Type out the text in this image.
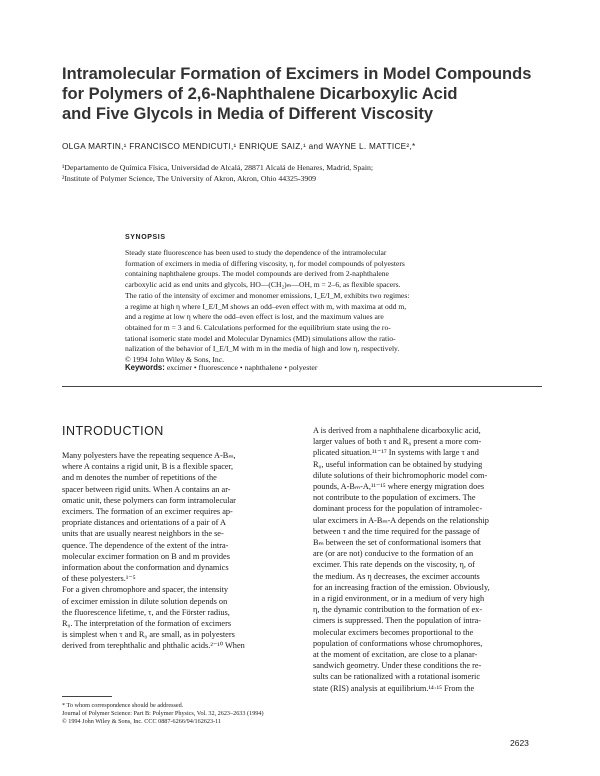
Intramolecular Formation of Excimers in Model Compounds
for Polymers of 2,6-Naphthalene Dicarboxylic Acid
and Five Glycols in Media of Different Viscosity
OLGA MARTIN,¹ FRANCISCO MENDICUTI,¹ ENRIQUE SAIZ,¹ and WAYNE L. MATTICE²,*
¹Departamento de Química Física, Universidad de Alcalá, 28871 Alcalá de Henares, Madrid, Spain;
²Institute of Polymer Science, The University of Akron, Akron, Ohio 44325-3909
SYNOPSIS
Steady state fluorescence has been used to study the dependence of the intramolecular
formation of excimers in media of differing viscosity, η, for model compounds of polyesters
containing naphthalene groups. The model compounds are derived from 2-naphthalene
carboxylic acid as end units and glycols, HO—(CH₂)ₘ—OH, m = 2–6, as flexible spacers.
The ratio of the intensity of excimer and monomer emissions, I_E/I_M, exhibits two regimes:
a regime at high η where I_E/I_M shows an odd–even effect with m, with maxima at odd m,
and a regime at low η where the odd–even effect is lost, and the maximum values are
obtained for m = 3 and 6. Calculations performed for the equilibrium state using the ro-
tational isomeric state model and Molecular Dynamics (MD) simulations allow the ratio-
nalization of the behavior of I_E/I_M with m in the media of high and low η, respectively.
© 1994 John Wiley & Sons, Inc.
Keywords: excimer • fluorescence • naphthalene • polyester
INTRODUCTION
Many polyesters have the repeating sequence A-Bₘ,
where A contains a rigid unit, B is a flexible spacer,
and m denotes the number of repetitions of the
spacer between rigid units. When A contains an ar-
omatic unit, these polymers can form intramolecular
excimers. The formation of an excimer requires ap-
propriate distances and orientations of a pair of A
units that are usually nearest neighbors in the se-
quence. The dependence of the extent of the intra-
molecular excimer formation on B and m provides
information about the conformation and dynamics
of these polyesters.¹⁻⁵
For a given chromophore and spacer, the intensity
of excimer emission in dilute solution depends on
the fluorescence lifetime, τ, and the Förster radius,
R₀. The interpretation of the formation of excimers
is simplest when τ and R₀ are small, as in polyesters
derived from terephthalic and phthalic acids.²⁻¹⁰ When
A is derived from a naphthalene dicarboxylic acid,
larger values of both τ and R₀ present a more com-
plicated situation.¹¹⁻¹⁷ In systems with large τ and
R₀, useful information can be obtained by studying
dilute solutions of their bichromophoric model com-
pounds, A-Bₘ-A,¹¹⁻¹⁵ where energy migration does
not contribute to the population of excimers. The
dominant process for the population of intramolec-
ular excimers in A-Bₘ-A depends on the relationship
between τ and the time required for the passage of
Bₘ between the set of conformational isomers that
are (or are not) conducive to the formation of an
excimer. This rate depends on the viscosity, η, of
the medium. As η decreases, the excimer accounts
for an increasing fraction of the emission. Obviously,
in a rigid environment, or in a medium of very high
η, the dynamic contribution to the formation of ex-
cimers is suppressed. Then the population of intra-
molecular excimers becomes proportional to the
population of conformations whose chromophores,
at the moment of excitation, are close to a planar-
sandwich geometry. Under these conditions the re-
sults can be rationalized with a rotational isomeric
state (RIS) analysis at equilibrium.¹⁴·¹⁵ From the
* To whom correspondence should be addressed.
Journal of Polymer Science: Part B: Polymer Physics, Vol. 32, 2623–2633 (1994)
© 1994 John Wiley & Sons, Inc. CCC 0887-6266/94/162623-11
2623
